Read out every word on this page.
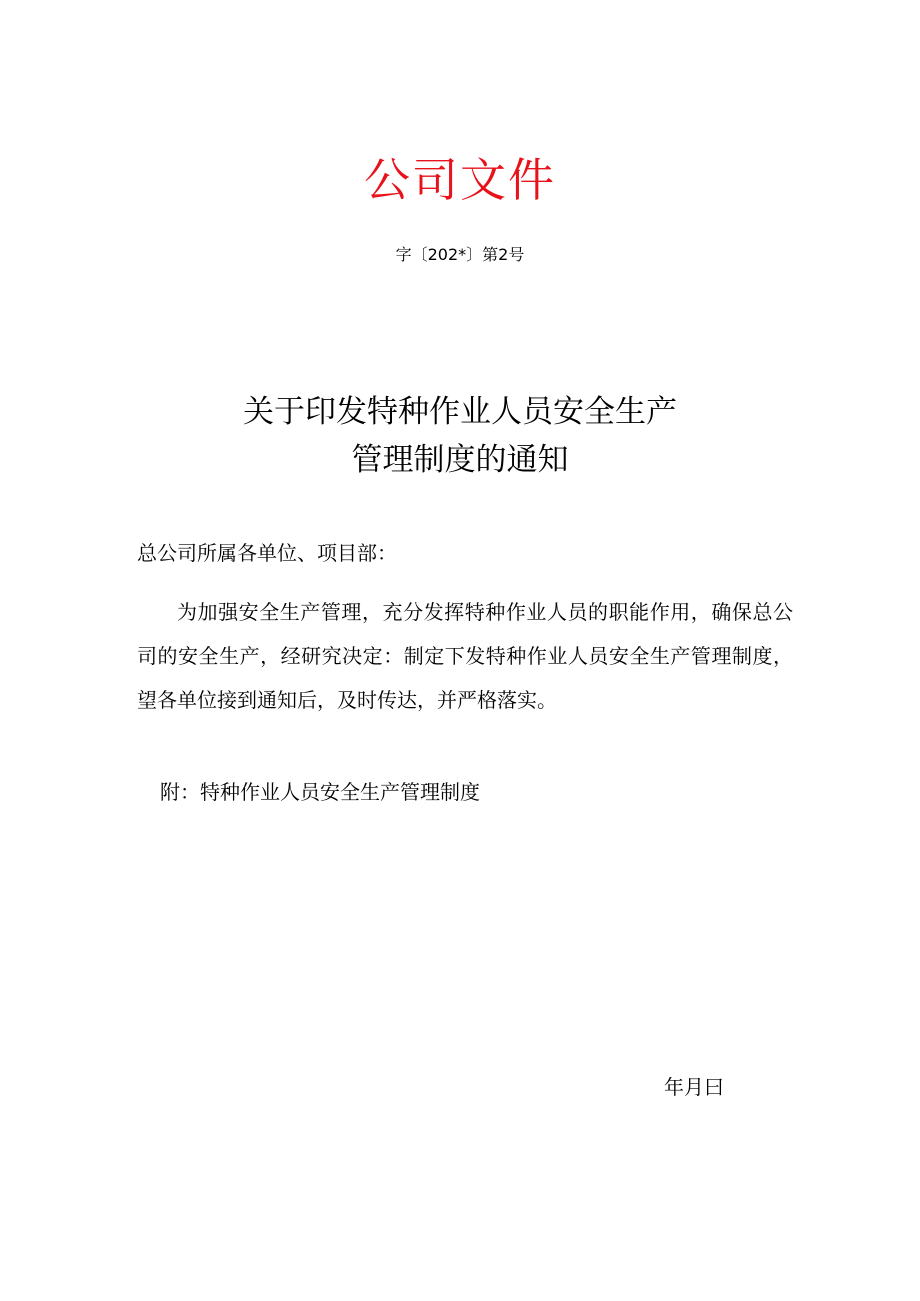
公司文件
字〔202*〕第2号
关于印发特种作业人员安全生产
管理制度的通知
总公司所属各单位、项目部：
为加强安全生产管理，充分发挥特种作业人员的职能作用，确保总公司的安全生产，经研究决定：制定下发特种作业人员安全生产管理制度，望各单位接到通知后，及时传达，并严格落实。
附：特种作业人员安全生产管理制度
年月曰
